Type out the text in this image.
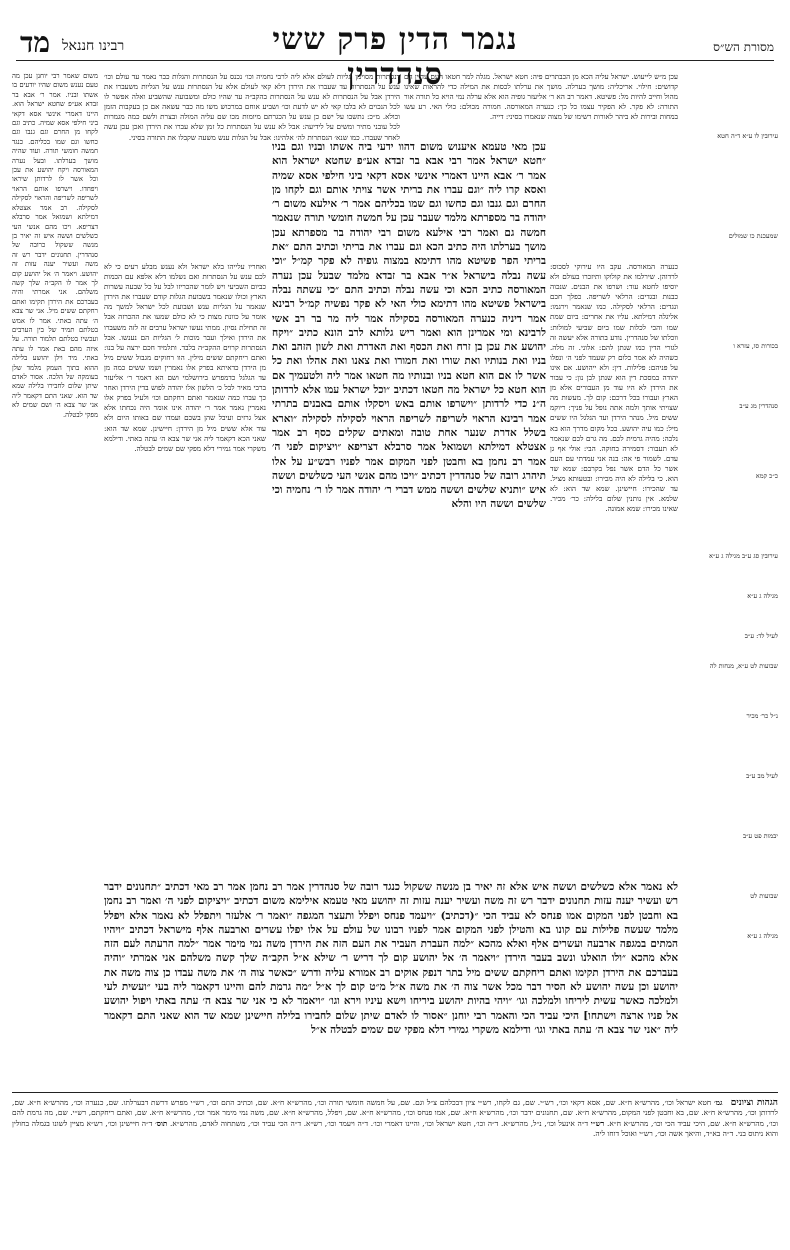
מסורת הש״ס
נגמר הדין פרק ששי סנהדרין
מד רבינו חננאל
עירובין לו ע״א ד״ה חטא
שמעכנת כו שמולים
בכורות סו, עזרא ו
סנהדרין מג ע״ב
כ״כ קמא
עירובין סג ע״ב מגילה ג ע״א
מגילה ג ע״א
לעיל לד: ע״ב
שבועות לט ע״א, מנחות לה
נ״ל כר׳ מכיר
לעיל מב ע״ב
יבמות פט ע״ב
שבועות לט
מגילה ג ע״א
עכן מ״ש לייעוש. ישראל עליה הכא מן הכבתרים פיה: חטא ישראל. מגלה למר חטאו העם עדיין הם קדושים: חילוי. אריכליה: מושך בערלה. מושך את ערלתו לכסות את המילה כדי להראות שאינו מהול וחייב להיות מל: פשיטא. דאמר רב הא ר׳ אליעזר גופיה הוא אלא ערלה נמי הויא כל תורה אור התורה: לא פקר. לא הפקיר עצמו כל כך: כנערה המאורסה. חמורה מכולם: כולי האי. רע עשו במחות ובירות לא ביהר לאורות רשימו של מצוה שנאמרו בסיני: דייה.
כנערה המאורסה. עקב היו עירוקי לסכוס: לרדוהן. שירלמו את קולוקו ותיזכרו בעולם ולא יוסיפו לחטא עוד: ושרפו את הבנים. שנכוה כבנות ובגדים: הרלאי לשריפה. כפלך חכם ונגדים: הרלאי לסקילה. כמו שנאמר וירגמו: אליגלה דמילתא. עליו את אחרים: ביום שמת שמו והכי לכלות שמו ביום שביעי למולות: ווכלתו של סנהדרין. נודע בתורה אלא יעשה זה לגזרי הדין כמו שנתן להם: אלוני. זה מלה. כשהיה לא אמר כלום רק שעמד לפני ה׳ ונפלו על פניהם: פלילות. דין: ולא ייהושע. אם אינו יהודה במסכת דין הוא שנתן לבן נון: כי עבור את הירדן לא היו עוד מן העבורים אלא מן הארץ ועבורו בכל דרכם: קום לך. מעשות מה שצויתי אותך ולמה אתה נופל על פניך: ריוקמ ששים מיל. מנהר הירדן ועד הגלגל היו ששים מיל: כמו עיה יהושע. בכל מקום מדרך הוא בא נלכה: מהיה גרמית לכם. מה גרם לכם שנאמר לא תעבור: דסמירה בחוקה. הבי: אולי אף גן עדם. לשמור פי אה: בנה אני עמדתי עם העם אשר כל הדם אשר נפל בקרבם: שמא שד הוא. כי בלילה לא היה מכירו: ובטעותא מציל. עד שהכירו: חיישינן. שמא שד הוא: לא שלמא. אין נותנין שלום בלילה: כר׳ מכיר. שאינו מכירו: שמא אמונה.
דנסתרות מסוימן וגליות לעולם אלא ליה לרבי נחמיה וכו׳ נכנס על הנסתרות והגלות כבר נאמר עד עולם וכו׳ ענש על הנסתרות עד שעברו את הירדן דלא קאי לעולם אלא על הנסתרות ענש על הגליות משעברו את הירדן אבל על הנסתרות לא ענש על הנסתרות בהקב״ה עד שהיו כולם ומשבועה שהשביע ואלה אפשר לו לכל הנכוים לא בלבו קאי לא יש לדעת וכו׳ ושביע אוחם במרכוש משו מה כבר עשאה אם כן בעקבות הזמן וכולא. מ״כ: נתשבו על ישם כן ענש על הכגרתם מיומות מכו שם עליה המולה ובצרת ולשם כמה מגמרות לכל עובני מתיר ומשים על לידיעה: אבל לא ענש על הנסתרות כל זמן שלא עברו את הירדן ואכן עכן עשה לאחר שעברו. כמו שנא׳ הנסתרות לה׳ אלהינו: אבל על הגלות ענש משעה שקבלו את התורה בסיני.
ואחריו עלייהו בלא ישראל ולא נענש מבלע רעים כי לא לכם ענש על הנסתרות ואם נשלמו דלא אלפא עם הכמות כביום השביעי ויש לומר שהכריזו לבל על כל שבעה עשרות הארץ וכולו שנאמר בשבועת הגלות קודם שעברו את הירדן שנאמר על הגליות ענש ושבועת לכל ישראל למשך מה אומר על כוונת מצות כי לא כולם שמעו את ההכרזה אבל זה תחילת נסיון. ממתי נעשו ישראל ערבים זה לזה משעברו את הירדן ואילך ועבר מוכות ל׳ הגליות הם נענשו. אבל הנסתרות קרוים ההקב״ה בלבד. ותלמיד חכם ירצה על בנו: ואתם ריחקתם ששים מילין. הוו רחוקים מגבול ששים מיל מן הירדן כדאיתא בפרק אלו נאמרין ושמו ששים כמה מן עד הגלגל כדמפרש בירושלמי ושם הא דאמר ר׳ אליעזר ברבי מאיר לבל כ׳ הלשון אלו יהודה לפוש בדין הירדן ואחר כך עברו כמה שנאמר ואתם רחקתם וכו׳ ולעיל בפרק אלו נאמרין נאמר אמר ר׳ יהודה אינו אומר היה נכחתו אלא אצל גרזים ועיבל שהן בשכם ועמדו שם באותו היום ולא עוד אלא ששים מיל מן הירדן: חיישינן. שמא שד הוא: שאני הכא דקאמר ליה אני שר צבא ה׳ עתה באתי. ודילמא משקרי אמר גמירי דלא מפקי שם שמים לבטלה.
משום שאמר רבי יוחנן עכן מה טעם נענש משום שהיו יודעים בו אשתו ובניו. אמר ר׳ אבא בר זבדא אע״פ שחטא ישראל הוא. היינו דאמרי אינשי אסא דקאי ביני חילפי אסא שמיה. כתיב וגם לקחו מן החרם וגם גנבו וגם כחשו וגם שמו בכליהם. כנגד חמשה חומשי תורה. ועוד שהיה מושך בערלתו. ובעל נערה המאורסה ויקח יהושע את עכן וכל אשר לו לרדותן שיראו ויפחדו. וישרפו אותם הראוי לשריפה לשריפה והראוי לסקילה לסקילה. רב אמר אצטלא דמילתא ושמואל אמר סרבלא דצריפא. ויכו מהם אנשי העי כשלשים וששה איש זה יאיר בן מנשה ששקול כרובה של סנהדרין. תחנונים ידבר רש זה משה ועשיר יענה עזות זה יהושע. ויאמר ה׳ אל יהושע קום לך אמר לו הקב״ה שלך קשה משלהם. אני אמרתי והיה בעברכם את הירדן תקימו ואתם רחקתם ששים מיל. אני שר צבא ה׳ עתה באתי. אמר לו אמש בטלתם תמיד של בין הערבים ועכשיו בטלתם תלמוד תורה. על איזה מהם באת אמר לו עתה באתי. מיד וילן יהושע בלילה ההוא בתוך העמק מלמד שלן בעומקה של הלכה. אסור לאדם שיתן שלום לחבירו בלילה שמא שד הוא. שאני התם דקאמר ליה אני שר צבא ה׳ ושם שמים לא מפקי לבטלה.
עכן מאי טעמא איענוש משום דהוו ידעי ביה אשתו ובניו וגם בניו ״חטא ישראל אמר רבי אבא בר זבדא אע״פ שחטא ישראל הוא אמר ר׳ אבא היינו דאמרי אינשי אסא דקאי ביני חילפי אסא שמיה ואסא קרו ליה ״וגם עברו את בריתי אשר צויתי אותם וגם לקחו מן החרם וגם גנבו וגם כחשו וגם שמו בכליהם אמר ר׳ אילעא משום ר׳ יהודה בר מספרתא מלמד שעבר עכן על חמשה חומשי תורה שנאמר חמשה גם ואמר רבי אילעא משום רבי יהודה בר מספרתא עכן מושך בערלתו היה כתיב הכא וגם עברו את בריתי וכתיב התם ״את בריתי הפר פשיטא מהו דתימא במצוה גופיה לא פקר קמ״ל ״וכי עשה נבלה בישראל א״ר אבא בר זבדא מלמד שבעל עכן נערה המאורסה כתיב הכא וכי עשה נבלה וכתיב התם ״כי עשתה נבלה בישראל פשיטא מהו דתימא כולי האי לא פקר נפשיה קמ״ל רבינא אמר דיניה כנערה המאורסה בסקילה אמר ליה מר בר רב אשי לרבינא ומי אמרינן הוא ואמר ריש גלותא לרב הונא כתיב ״ויקח יהושע את עכן בן זרח ואת הכסף ואת האדרת ואת לשון הזהב ואת בניו ואת בנותיו ואת שורו ואת חמורו ואת צאנו ואת אהלו ואת כל אשר לו אם הוא חטא בניו ובנותיו מה חטאו אמר ליה ולטעמיך אם הוא חטא כל ישראל מה חטאו דכתיב ״וכל ישראל עמו אלא לרדותן ה״נ כדי לרדותן ״וישרפו אותם באש ויסקלו אותם באבנים בתרתי אמר רבינא הראוי לשריפה לשריפה הראוי לסקילה לסקילה ״וארא בשלל אדרת שנער אחת טובה ומאתים שקלים כסף רב אמר אצטלא דמילתא ושמואל אמר סרבלא דצריפא ״ויציקום לפני ה׳ אמר רב נחמן בא וחבטן לפני המקום אמר לפניו רבש״ע על אלו תיהרג רובה של סנהדרין דכתיב ״ויכו מהם אנשי העי כשלשים וששה איש ״ותניא שלשים וששה ממש דברי ר׳ יהודה אמר לו ר׳ נחמיה וכי שלשים וששה היו והלא
לא נאמר אלא כשלשים וששה איש אלא זה יאיר בן מנשה ששקול כנגד רובה של סנהדרין אמר רב נחמן אמר רב מאי דכתיב ״תחנונים ידבר רש ועשיר יענה עזות תחנונים ידבר רש זה משה ועשיר יענה עזות זה יהושע מאי טעמא אילימא משום דכתיב ״ויציקום לפני ה׳ ואמר רב נחמן בא וחבטן לפני המקום אמו פנחס לא עביד הכי ״(דכתיב) ״ויעמד פנחס ויפלל ותעצר המגפה ״ואמר ר׳ אלעזר ויתפלל לא נאמר אלא ויפלל מלמד שעשה פלילות עם קונו בא והטילן לפני המקום אמר לפניו רבונו של עולם על אלו יפלו עשרים וארבעה אלף מישראל דכתיב ״ויהיו המתים במגפה ארבעה ועשרים אלף ואלא מהכא ״למה העברת העביר את העם הזה את הירדן משה נמי מימר אמר ״למה הרעתה לעם הזה אלא מהכא ״ולו הואלנו ונשב בעבר הירדן ״ויאמר ה׳ אל יהושע קום לך דריש ר׳ שילא א״ל הקב״ה שלך קשה משלהם אני אמרתי ״והיה בעברכם את הירדן תקימו ואתם ריחקתם ששים מיל בתר דנפק אוקים רב אמורא עליה ודרש ״כאשר צוה ה׳ את משה עבדו כן צוה משה את יהושע וכן עשה יהושע לא הסיר דבר מכל אשר צוה ה׳ את משה א״ל מ״ט קום לך א״ל ״מה גרמת להם והיינו דקאמר ליה בעי ״ועשית לעי ולמלכה כאשר עשית ליריחו ולמלכה וגו׳ ״ויהי בהיות יהושע ביריחו וישא עיניו וירא וגו׳ ״ויאמר לא כי אני שר צבא ה׳ עתה באתי ויפול יהושע אל פניו ארצה וישתחו] היכי עביד הכי והאמר רבי יוחנן ״אסור לו לאדם שיתן שלום לחבירו בלילה חיישינן שמא שד הוא שאני התם דקאמר ליה ״אני שר צבא ה׳ עתה באתי וגו׳ ודילמא משקרי גמירי דלא מפקי שם שמים לבטלה א״ל
הגהות וציונים   גמ׳ חטא ישראל וכו׳, מהרש״א ח״א. שם, אסא דקאי וכו׳, רש״י. שם, גם לקחו, רש״י ציון דבכלהם צ״ל וגם. שם, על חמשה חומשי תורה וכו׳, מהרש״א ח״א. שם, וכתיב התם וכו׳, רש״י מפרש דרשת דבערלתו. שם, כנערה וכו׳, מהרש״א ח״א. שם, לרדותן וכו׳, מהרש״א ח״א. שם, בא וחבטן לפני המקום, מהרש״א ח״א. שם, תחנונים ידבר וכו׳, מהרש״א ח״א. שם, אמו פנחס וכו׳, מהרש״א ח״א. שם, ויפלל, מהרש״א ח״א. שם, משה נמי מימר אמר וכו׳, מהרש״א ח״א. שם, ואתם ריחקתם, רש״י. שם, מה גרמת להם וכו׳, מהרש״א ח״א. שם, היכי עביד הכי וכו׳, מהרש״א ח״א. רש״י ד״ה אינעל וכו׳, נ״ל, מהרש״א. ד״ה וכו׳, חטא ישראל וכו׳, והיינו דאמרי וכו׳. ד״ה ויעמד וכו׳, רש״א. ד״ה הכי עביד וכו׳, משתחוה לאדם, מהרש״א. תוס׳ ד״ה חיישינן וכו׳, רש״א מציין לשונו בגמלה בחולין והוא ניתוס בני. ד״ה בא״ד, והיאך אשה וכו׳, רש״י ואוכל דוחו ליה.
